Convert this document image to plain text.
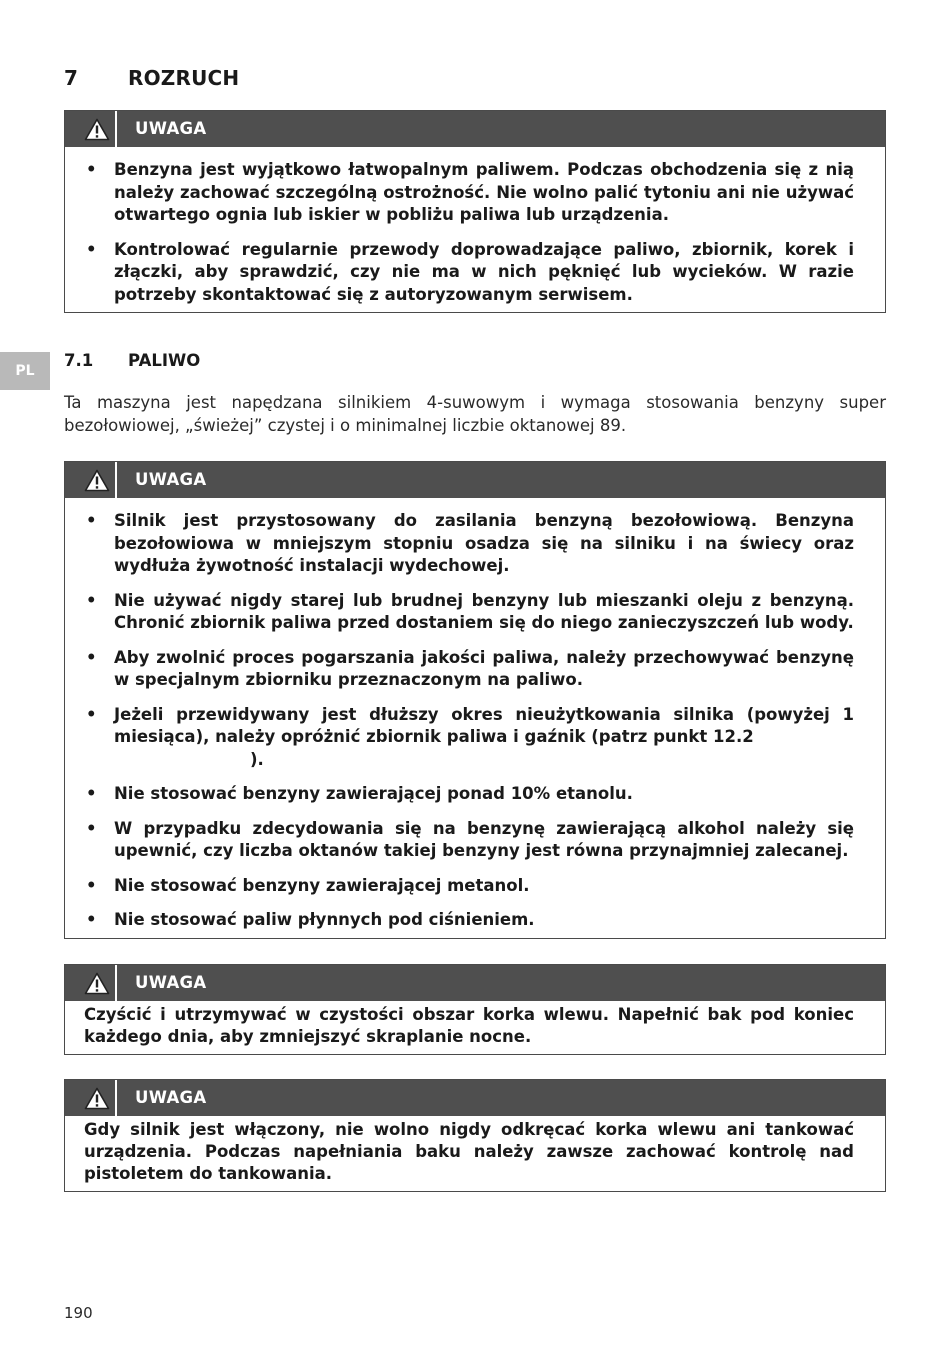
7 ROZRUCH
UWAGA
• Benzyna jest wyjątkowo łatwopalnym paliwem. Podczas obchodzenia się z nią należy zachować szczególną ostrożność. Nie wolno palić tytoniu ani nie używać otwartego ognia lub iskier w pobliżu paliwa lub urządzenia.
• Kontrolować regularnie przewody doprowadzające paliwo, zbiornik, korek i złączki, aby sprawdzić, czy nie ma w nich pęknięć lub wycieków. W razie potrzeby skontaktować się z autoryzowanym serwisem.
PL
7.1 PALIWO
Ta maszyna jest napędzana silnikiem 4-suwowym i wymaga stosowania benzyny super bezołowiowej, „świeżej” czystej i o minimalnej liczbie oktanowej 89.
UWAGA
• Silnik jest przystosowany do zasilania benzyną bezołowiową. Benzyna bezołowiowa w mniejszym stopniu osadza się na silniku i na świecy oraz wydłuża żywotność instalacji wydechowej.
• Nie używać nigdy starej lub brudnej benzyny lub mieszanki oleju z benzyną. Chronić zbiornik paliwa przed dostaniem się do niego zanieczyszczeń lub wody.
• Aby zwolnić proces pogarszania jakości paliwa, należy przechowywać benzynę w specjalnym zbiorniku przeznaczonym na paliwo.
• Jeżeli przewidywany jest dłuższy okres nieużytkowania silnika (powyżej 1 miesiąca), należy opróżnić zbiornik paliwa i gaźnik (patrz punkt 12.2
).
• Nie stosować benzyny zawierającej ponad 10% etanolu.
• W przypadku zdecydowania się na benzynę zawierającą alkohol należy się upewnić, czy liczba oktanów takiej benzyny jest równa przynajmniej zalecanej.
• Nie stosować benzyny zawierającej metanol.
• Nie stosować paliw płynnych pod ciśnieniem.
UWAGA
Czyścić i utrzymywać w czystości obszar korka wlewu. Napełnić bak pod koniec każdego dnia, aby zmniejszyć skraplanie nocne.
UWAGA
Gdy silnik jest włączony, nie wolno nigdy odkręcać korka wlewu ani tankować urządzenia. Podczas napełniania baku należy zawsze zachować kontrolę nad pistoletem do tankowania.
190
